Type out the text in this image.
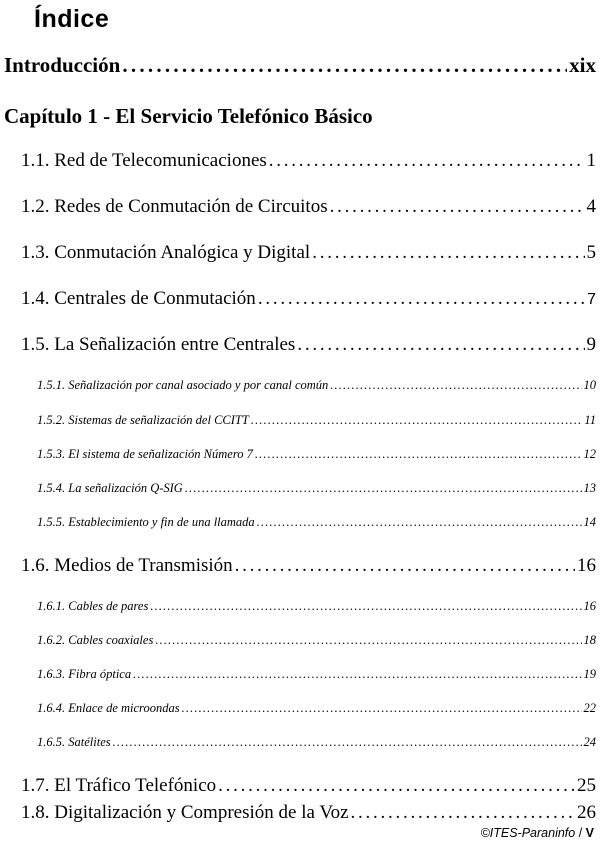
Índice
Introducción . . .	xix
Capítulo 1 - El Servicio Telefónico Básico
1.1. Red de Telecomunicaciones . . .	1
1.2. Redes de Conmutación de Circuitos . . .	4
1.3. Conmutación Analógica y Digital . . .	5
1.4. Centrales de Conmutación . . .	7
1.5. La Señalización entre Centrales . . .	9
1.5.1. Señalización por canal asociado y por canal común . . .	10
1.5.2. Sistemas de señalización del CCITT . . .	11
1.5.3. El sistema de señalización Número 7 . . .	12
1.5.4. La señalización Q-SIG . . .	13
1.5.5. Establecimiento y fin de una llamada . . .	14
1.6. Medios de Transmisión . . .	16
1.6.1. Cables de pares . . .	16
1.6.2. Cables coaxiales . . .	18
1.6.3. Fibra óptica . . .	19
1.6.4. Enlace de microondas . . .	22
1.6.5. Satélites . . .	24
1.7. El Tráfico Telefónico . . .	25
1.8. Digitalización y Compresión de la Voz . . .	26
©ITES-Paraninfo / V
